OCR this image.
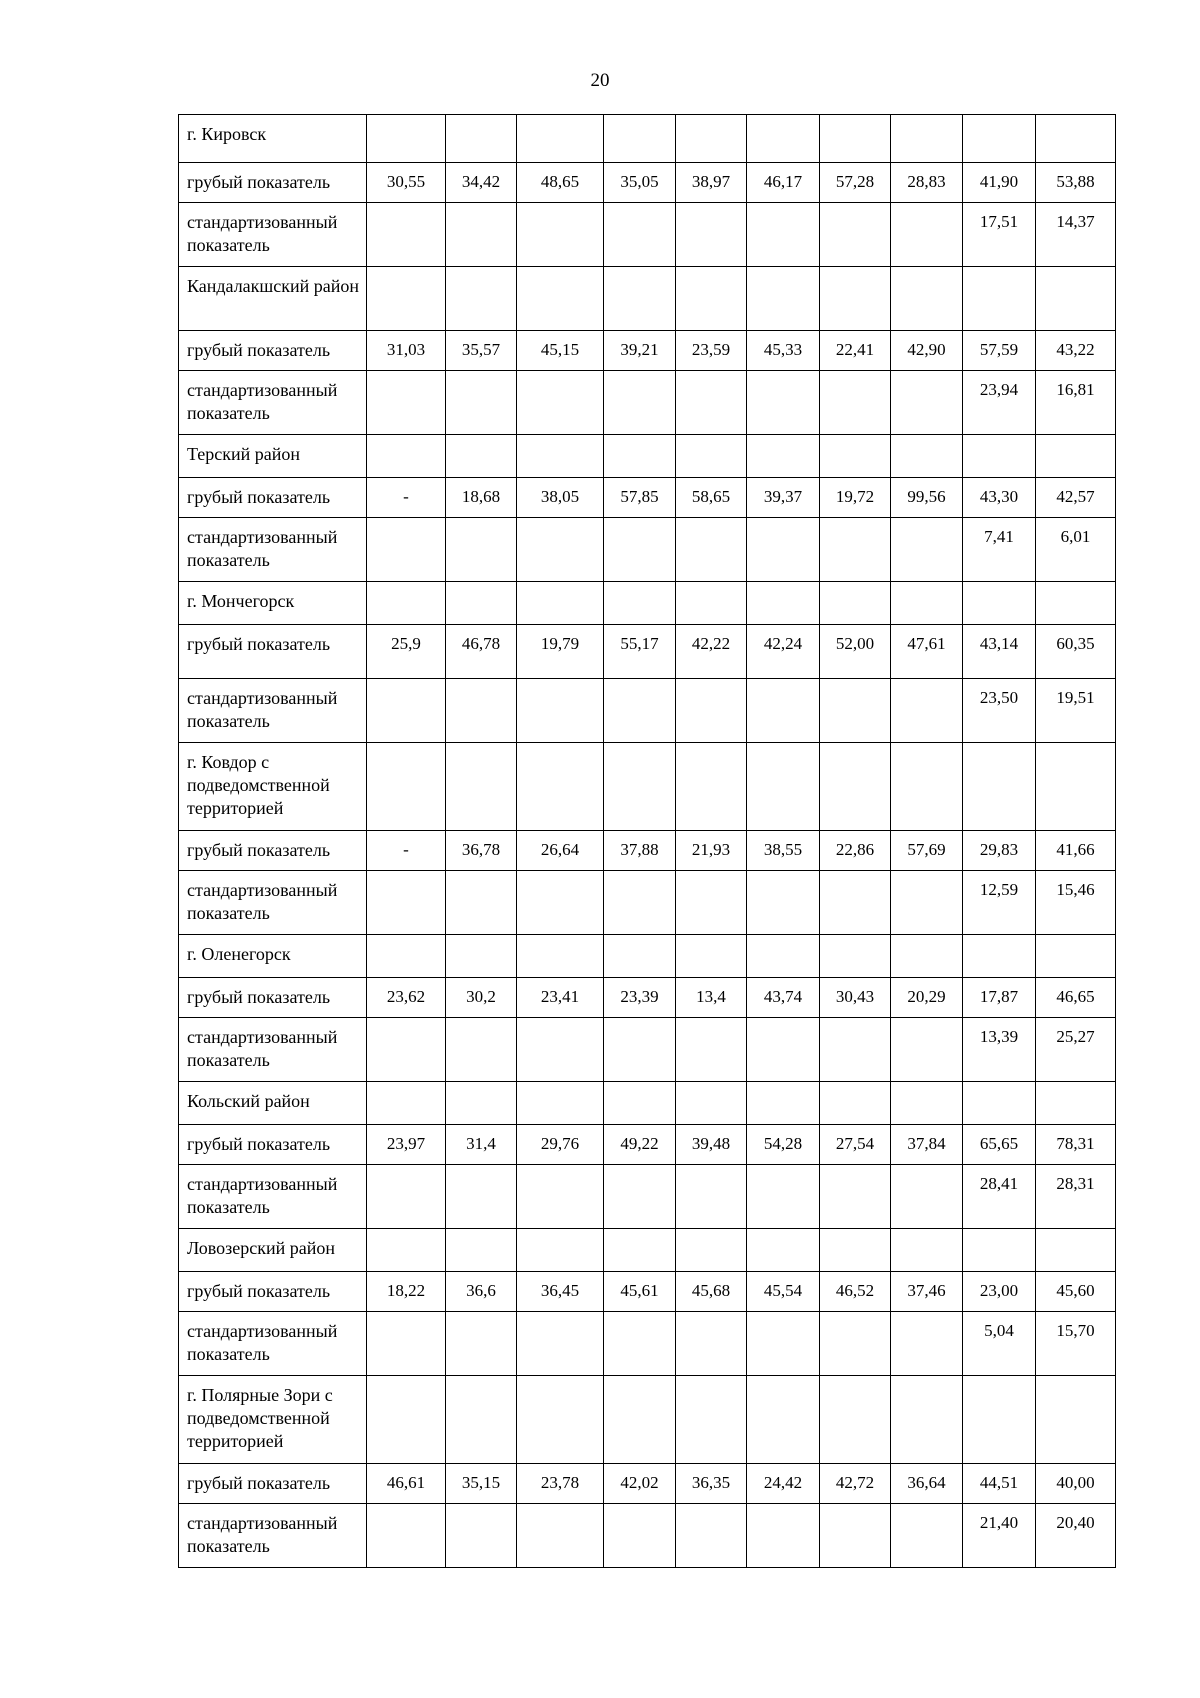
20
г. Кировск										
грубый показатель	30,55	34,42	48,65	35,05	38,97	46,17	57,28	28,83	41,90	53,88
стандартизованный показатель									17,51	14,37
Кандалакшский район										
грубый показатель	31,03	35,57	45,15	39,21	23,59	45,33	22,41	42,90	57,59	43,22
стандартизованный показатель									23,94	16,81
Терский район										
грубый показатель	-	18,68	38,05	57,85	58,65	39,37	19,72	99,56	43,30	42,57
стандартизованный показатель									7,41	6,01
г. Мончегорск										
грубый показатель	25,9	46,78	19,79	55,17	42,22	42,24	52,00	47,61	43,14	60,35
стандартизованный показатель									23,50	19,51
г. Ковдор с подведомственной территорией										
грубый показатель	-	36,78	26,64	37,88	21,93	38,55	22,86	57,69	29,83	41,66
стандартизованный показатель									12,59	15,46
г. Оленегорск										
грубый показатель	23,62	30,2	23,41	23,39	13,4	43,74	30,43	20,29	17,87	46,65
стандартизованный показатель									13,39	25,27
Кольский район										
грубый показатель	23,97	31,4	29,76	49,22	39,48	54,28	27,54	37,84	65,65	78,31
стандартизованный показатель									28,41	28,31
Ловозерский район										
грубый показатель	18,22	36,6	36,45	45,61	45,68	45,54	46,52	37,46	23,00	45,60
стандартизованный показатель									5,04	15,70
г. Полярные Зори с подведомственной территорией										
грубый показатель	46,61	35,15	23,78	42,02	36,35	24,42	42,72	36,64	44,51	40,00
стандартизованный показатель									21,40	20,40
